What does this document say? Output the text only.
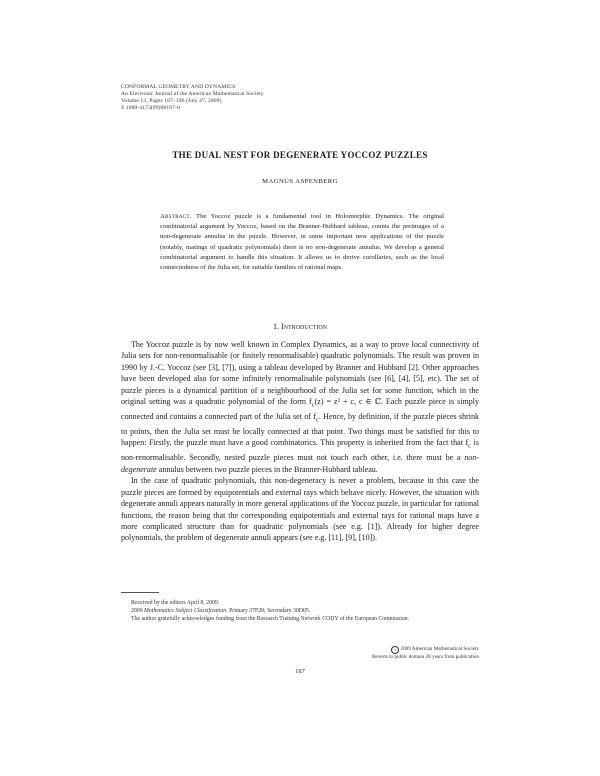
CONFORMAL GEOMETRY AND DYNAMICS
An Electronic Journal of the American Mathematical Society
Volume 13, Pages 187–196 (July 27, 2009)
S 1088-4173(09)00197-0
THE DUAL NEST FOR DEGENERATE YOCCOZ PUZZLES
MAGNUS ASPENBERG
Abstract. The Yoccoz puzzle is a fundamental tool in Holomorphic Dynamics. The original combinatorial argument by Yoccoz, based on the Branner-Hubbard tableau, counts the preimages of a non-degenerate annulus in the puzzle. However, in some important new applications of the puzzle (notably, matings of quadratic polynomials) there is no non-degenerate annulus. We develop a general combinatorial argument to handle this situation. It allows us to derive corollaries, such as the local connectedness of the Julia set, for suitable families of rational maps.
1. Introduction

The Yoccoz puzzle is by now well known in Complex Dynamics, as a way to prove local connectivity of Julia sets for non-renormalisable (or finitely renormalisable) quadratic polynomials. The result was proven in 1990 by J.-C. Yoccoz (see [3], [7]), using a tableau developed by Branner and Hubbard [2]. Other approaches have been developed also for some infinitely renormalisable polynomials (see [6], [4], [5], etc). The set of puzzle pieces is a dynamical partition of a neighbourhood of the Julia set for some function, which in the original setting was a quadratic polynomial of the form $f_c(z) = z^2 + c$, c ∈ ℂ. Each puzzle piece is simply connected and contains a connected part of the Julia set of $f_c$. Hence, by definition, if the puzzle pieces shrink to points, then the Julia set must be locally connected at that point. Two things must be satisfied for this to happen: Firstly, the puzzle must have a good combinatorics. This property is inherited from the fact that $f_c$ is non-renormalisable. Secondly, nested puzzle pieces must not touch each other, i.e. there must be a non-degenerate annulus between two puzzle pieces in the Branner-Hubbard tableau.

In the case of quadratic polynomials, this non-degeneracy is never a problem, because in this case the puzzle pieces are formed by equipotentials and external rays which behave nicely. However, the situation with degenerate annuli appears naturally in more general applications of the Yoccoz puzzle, in particular for rational functions, the reason being that the corresponding equipotentials and external rays for rational maps have a more complicated structure than for quadratic polynomials (see e.g. [1]). Already for higher degree polynomials, the problem of degenerate annuli appears (see e.g. [11], [9], [10]).

Received by the editors April 8, 2009.

2000 Mathematics Subject Classification. Primary 37F20; Secondary 30D05.

The author gratefully acknowledges funding from the Research Training Network CODY of the European Commission.

c 2009 American Mathematical Society
Reverts to public domain 28 years from publication
187
